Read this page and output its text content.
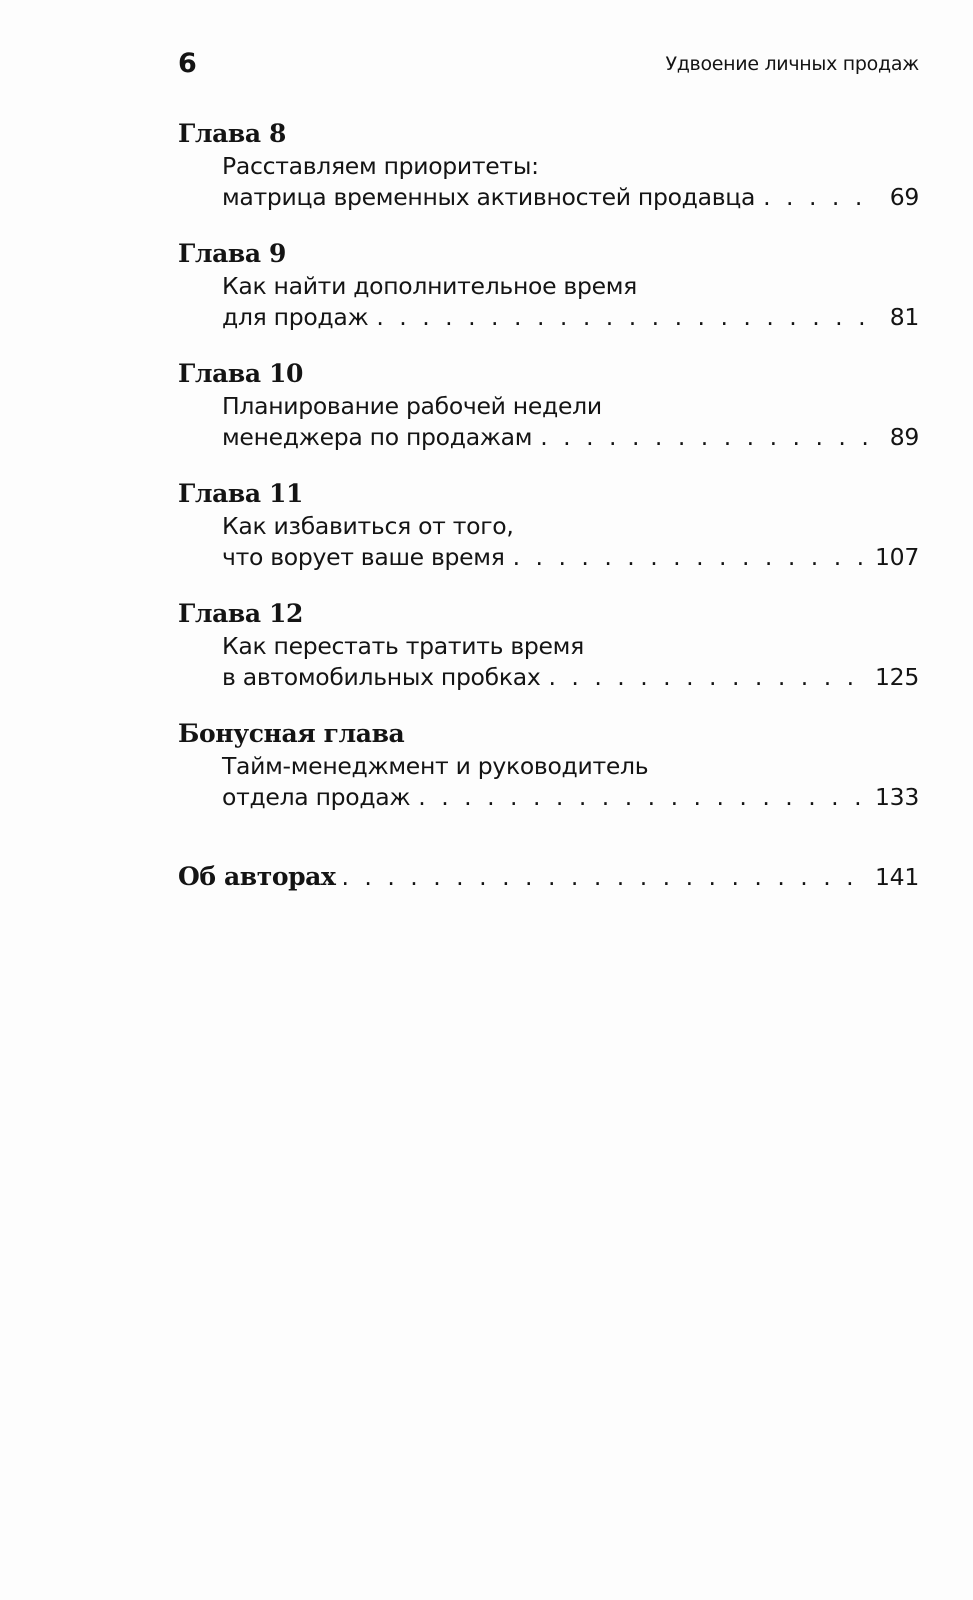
6	Удвоение личных продаж
Глава 8
Расставляем приоритеты:
матрица временных активностей продавца . . .	69
Глава 9
Как найти дополнительное время
для продаж . . .	81
Глава 10
Планирование рабочей недели
менеджера по продажам . . .	89
Глава 11
Как избавиться от того,
что ворует ваше время . . .	107
Глава 12
Как перестать тратить время
в автомобильных пробках . . .	125
Бонусная глава
Тайм-менеджмент и руководитель
отдела продаж . . .	133
Об авторах . . .	141
